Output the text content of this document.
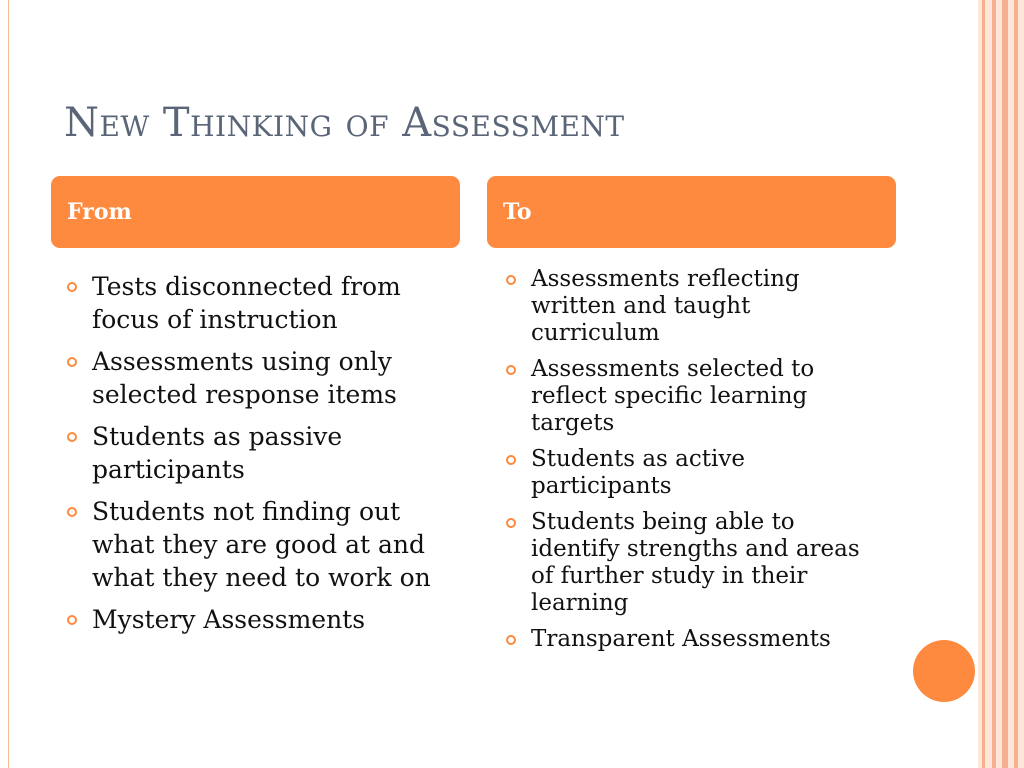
New Thinking of Assessment
From	To
Tests disconnected from focus of instruction
Assessments using only selected response items
Students as passive participants
Students not finding out what they are good at and what they need to work on
Mystery Assessments
Assessments reflecting written and taught curriculum
Assessments selected to reflect specific learning targets
Students as active participants
Students being able to identify strengths and areas of further study in their learning
Transparent Assessments
